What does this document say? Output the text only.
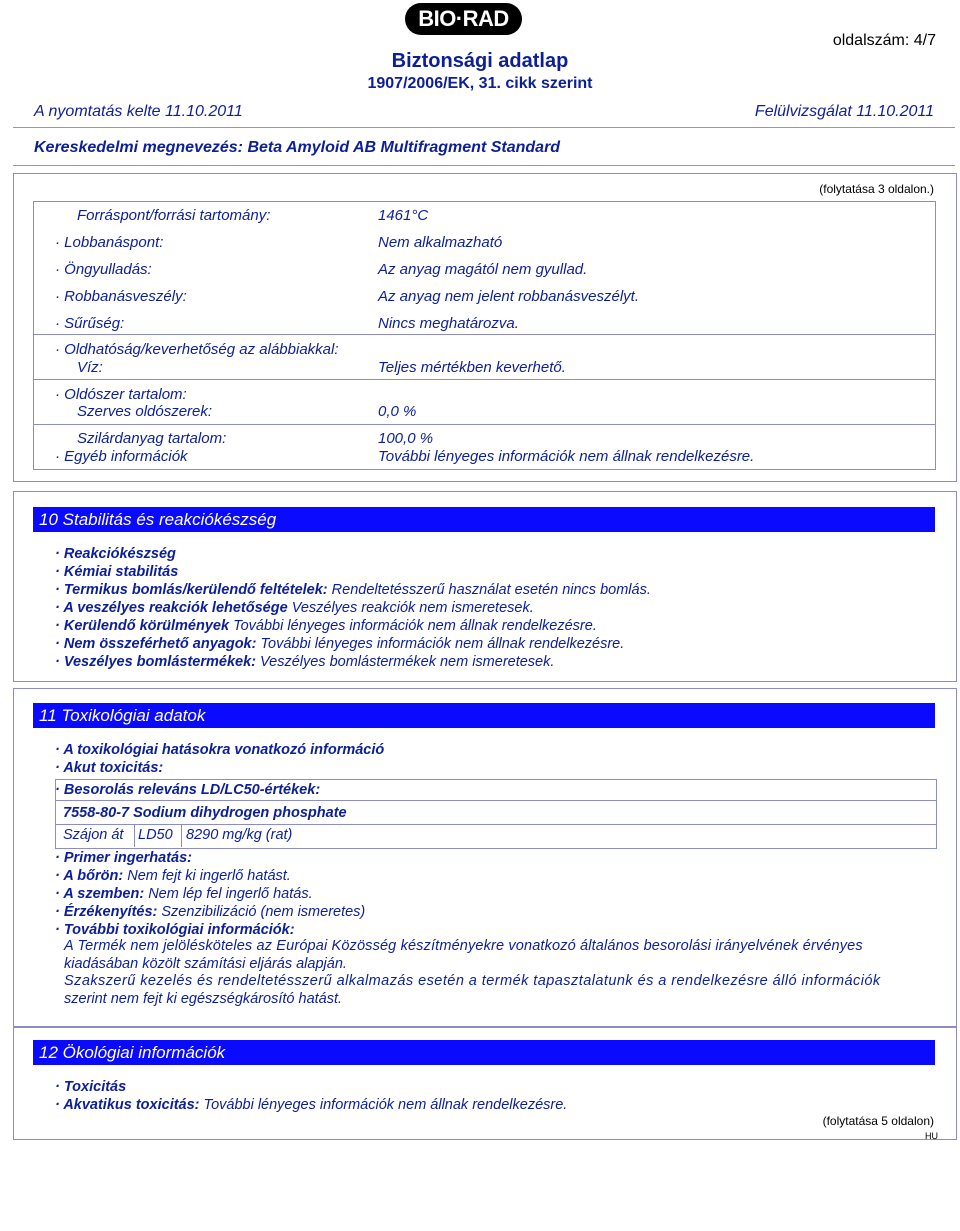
BIO·RAD
oldalszám: 4/7
Biztonsági adatlap
1907/2006/EK, 31. cikk szerint
A nyomtatás kelte 11.10.2011	Felülvizsgálat 11.10.2011
Kereskedelmi megnevezés: Beta Amyloid AB Multifragment Standard
(folytatása 3 oldalon.)
Forráspont/forrási tartomány:	1461°C
· Lobbanáspont:	Nem alkalmazható
· Öngyulladás:	Az anyag magától nem gyullad.
· Robbanásveszély:	Az anyag nem jelent robbanásveszélyt.
· Sűrűség:	Nincs meghatározva.
· Oldhatóság/keverhetőség az alábbiakkal:
Víz:	Teljes mértékben keverhető.
· Oldószer tartalom:
Szerves oldószerek:	0,0 %
Szilárdanyag tartalom:	100,0 %
· Egyéb információk	További lényeges információk nem állnak rendelkezésre.
10 Stabilitás és reakciókészség
· Reakciókészség
· Kémiai stabilitás
· Termikus bomlás/kerülendő feltételek: Rendeltetésszerű használat esetén nincs bomlás.
· A veszélyes reakciók lehetősége Veszélyes reakciók nem ismeretesek.
· Kerülendő körülmények További lényeges információk nem állnak rendelkezésre.
· Nem összeférhető anyagok: További lényeges információk nem állnak rendelkezésre.
· Veszélyes bomlástermékek: Veszélyes bomlástermékek nem ismeretesek.
11 Toxikológiai adatok
· A toxikológiai hatásokra vonatkozó információ
· Akut toxicitás:
· Besorolás releváns LD/LC50-értékek:
7558-80-7 Sodium dihydrogen phosphate
Szájon át LD50 8290 mg/kg (rat)
· Primer ingerhatás:
· A bőrön: Nem fejt ki ingerlő hatást.
· A szemben: Nem lép fel ingerlő hatás.
· Érzékenyítés: Szenzibilizáció (nem ismeretes)
· További toxikológiai információk:
A Termék nem jelölésköteles az Európai Közösség készítményekre vonatkozó általános besorolási irányelvének érvényes
kiadásában közölt számítási eljárás alapján.
Szakszerű kezelés és rendeltetésszerű alkalmazás esetén a termék tapasztalatunk és a rendelkezésre álló információk
szerint nem fejt ki egészségkárosító hatást.
12 Ökológiai információk
· Toxicitás
· Akvatikus toxicitás: További lényeges információk nem állnak rendelkezésre.
(folytatása 5 oldalon)
HU
